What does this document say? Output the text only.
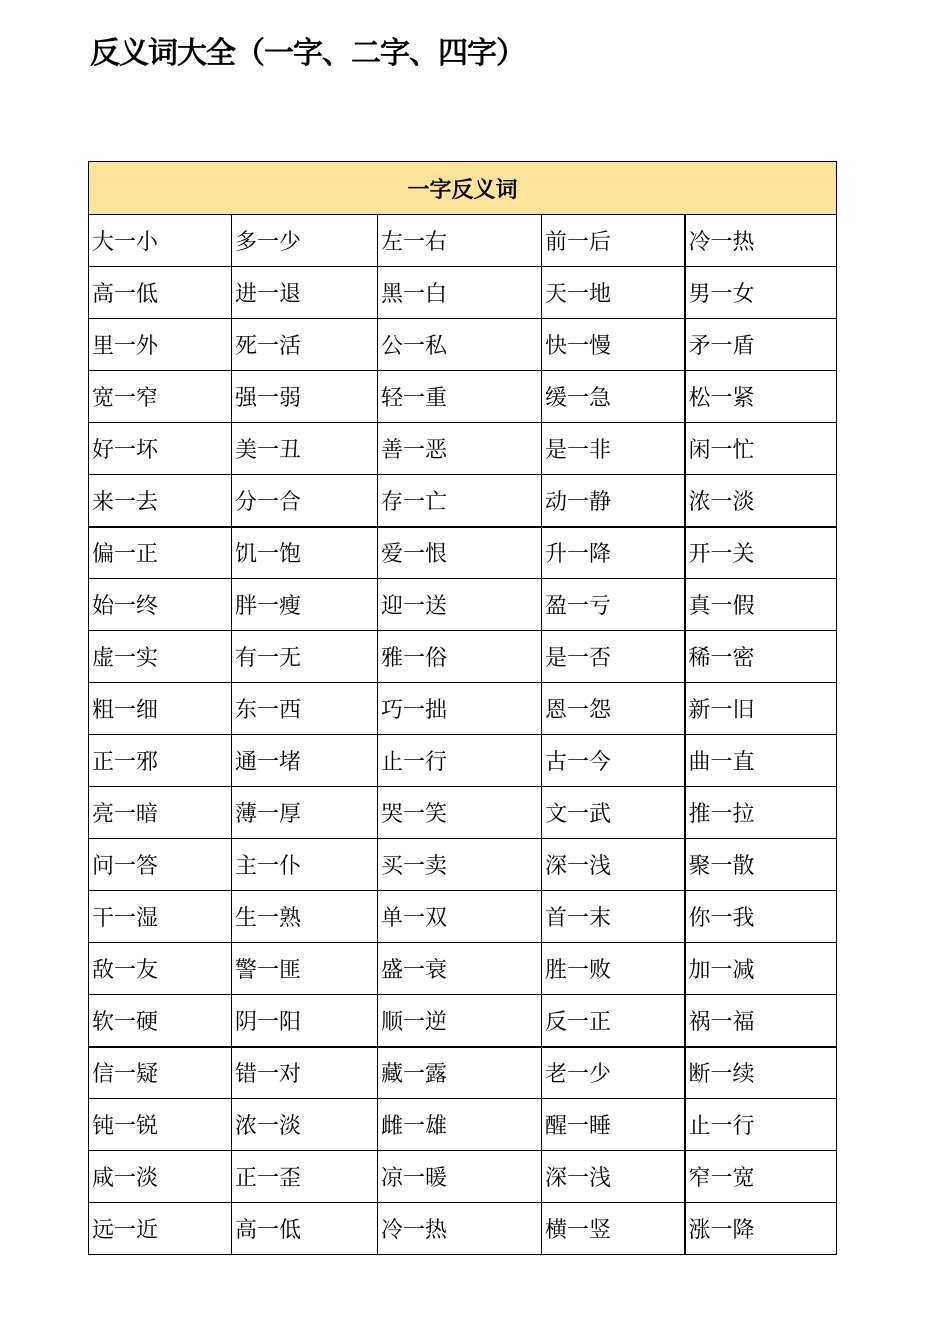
反义词大全（一字、二字、四字）
一字反义词				
大一小	多一少	左一右	前一后	冷一热
高一低	进一退	黑一白	天一地	男一女
里一外	死一活	公一私	快一慢	矛一盾
宽一窄	强一弱	轻一重	缓一急	松一紧
好一坏	美一丑	善一恶	是一非	闲一忙
来一去	分一合	存一亡	动一静	浓一淡
偏一正	饥一饱	爱一恨	升一降	开一关
始一终	胖一瘦	迎一送	盈一亏	真一假
虚一实	有一无	雅一俗	是一否	稀一密
粗一细	东一西	巧一拙	恩一怨	新一旧
正一邪	通一堵	止一行	古一今	曲一直
亮一暗	薄一厚	哭一笑	文一武	推一拉
问一答	主一仆	买一卖	深一浅	聚一散
干一湿	生一熟	单一双	首一末	你一我
敌一友	警一匪	盛一衰	胜一败	加一减
软一硬	阴一阳	顺一逆	反一正	祸一福
信一疑	错一对	藏一露	老一少	断一续
钝一锐	浓一淡	雌一雄	醒一睡	止一行
咸一淡	正一歪	凉一暖	深一浅	窄一宽
远一近	高一低	冷一热	横一竖	涨一降
